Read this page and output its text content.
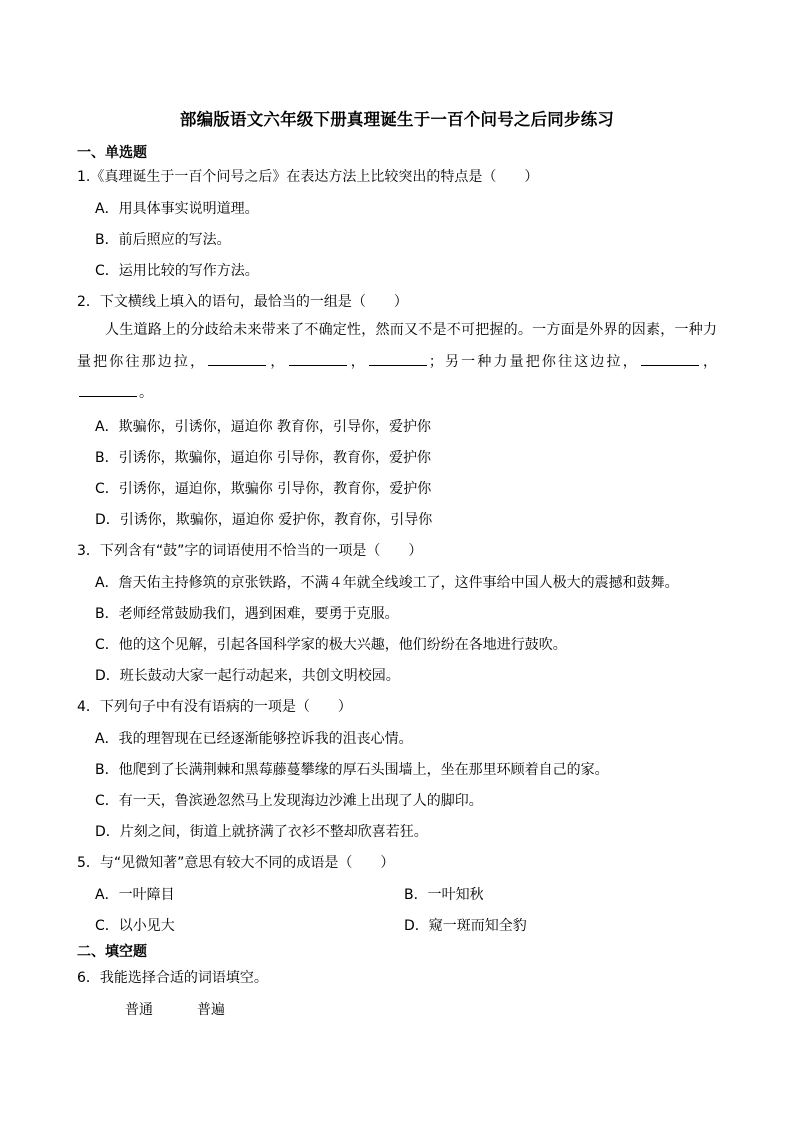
部编版语文六年级下册真理诞生于一百个问号之后同步练习
一、单选题
1.《真理诞生于一百个问号之后》在表达方法上比较突出的特点是（　　）
A．用具体事实说明道理。
B．前后照应的写法。
C．运用比较的写作方法。
2．下文横线上填入的语句，最恰当的一组是（　　）
人生道路上的分歧给未来带来了不确定性，然而又不是不可把握的。一方面是外界的因素，一种力量把你往那边拉，	，	，	；另一种力量把你往这边拉，	，。
A．欺骗你，引诱你，逼迫你 教育你，引导你，爱护你
B．引诱你，欺骗你，逼迫你 引导你，教育你，爱护你
C．引诱你，逼迫你，欺骗你 引导你，教育你，爱护你
D．引诱你，欺骗你，逼迫你 爱护你，教育你，引导你
3．下列含有“鼓”字的词语使用不恰当的一项是（　　）
A．詹天佑主持修筑的京张铁路，不满４年就全线竣工了，这件事给中国人极大的震撼和鼓舞。
B．老师经常鼓励我们，遇到困难，要勇于克服。
C．他的这个见解，引起各国科学家的极大兴趣，他们纷纷在各地进行鼓吹。
D．班长鼓动大家一起行动起来，共创文明校园。
4．下列句子中有没有语病的一项是（　　）
A．我的理智现在已经逐渐能够控诉我的沮丧心情。
B．他爬到了长满荆棘和黑莓藤蔓攀缘的厚石头围墙上，坐在那里环顾着自己的家。
C．有一天，鲁滨逊忽然马上发现海边沙滩上出现了人的脚印。
D．片刻之间，街道上就挤满了衣衫不整却欣喜若狂。
5．与“见微知著”意思有较大不同的成语是（　　）
A．一叶障目	B．一叶知秋
C．以小见大	D．窥一斑而知全豹
二、填空题
6．我能选择合适的词语填空。
普通	普遍
